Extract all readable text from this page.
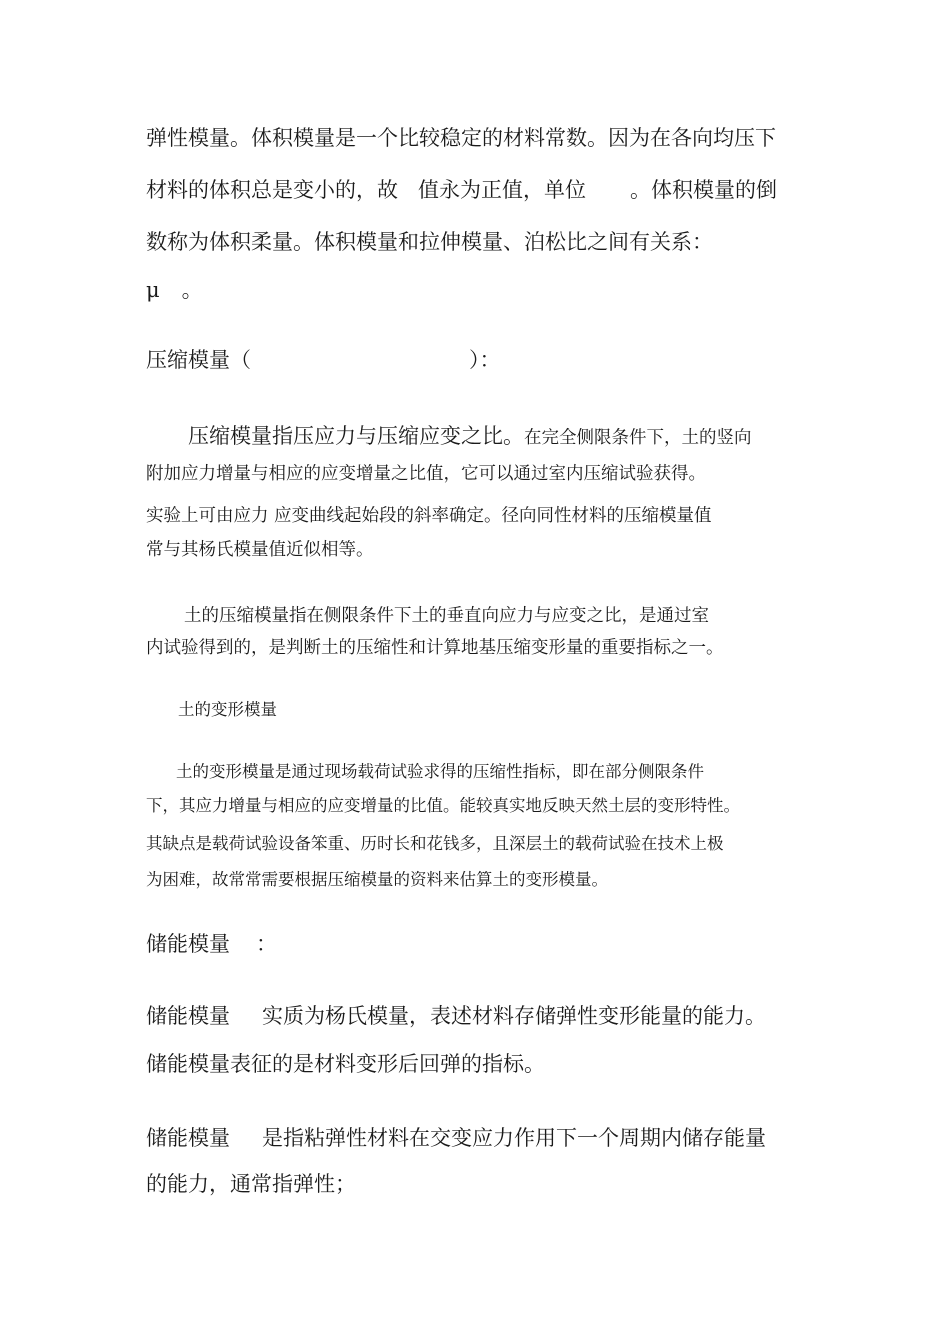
弹性模量。体积模量是一个比较稳定的材料常数。因为在各向均压下
材料的体积总是变小的，故 值永为正值，单位 。体积模量的倒
数称为体积柔量。体积模量和拉伸模量、泊松比之间有关系：
μ 。
压缩模量（	）：
压缩模量指压应力与压缩应变之比。在完全侧限条件下，土的竖向
附加应力增量与相应的应变增量之比值，它可以通过室内压缩试验获得。
实验上可由应力 应变曲线起始段的斜率确定。径向同性材料的压缩模量值
常与其杨氏模量值近似相等。
土的压缩模量指在侧限条件下土的垂直向应力与应变之比，是通过室
内试验得到的，是判断土的压缩性和计算地基压缩变形量的重要指标之一。
土的变形模量
土的变形模量是通过现场载荷试验求得的压缩性指标，即在部分侧限条件
下，其应力增量与相应的应变增量的比值。能较真实地反映天然土层的变形特性。
其缺点是载荷试验设备笨重、历时长和花钱多，且深层土的载荷试验在技术上极
为困难，故常常需要根据压缩模量的资料来估算土的变形模量。
储能模量 ：
储能模量 实质为杨氏模量，表述材料存储弹性变形能量的能力。
储能模量表征的是材料变形后回弹的指标。
储能模量 是指粘弹性材料在交变应力作用下一个周期内储存能量
的能力，通常指弹性；
